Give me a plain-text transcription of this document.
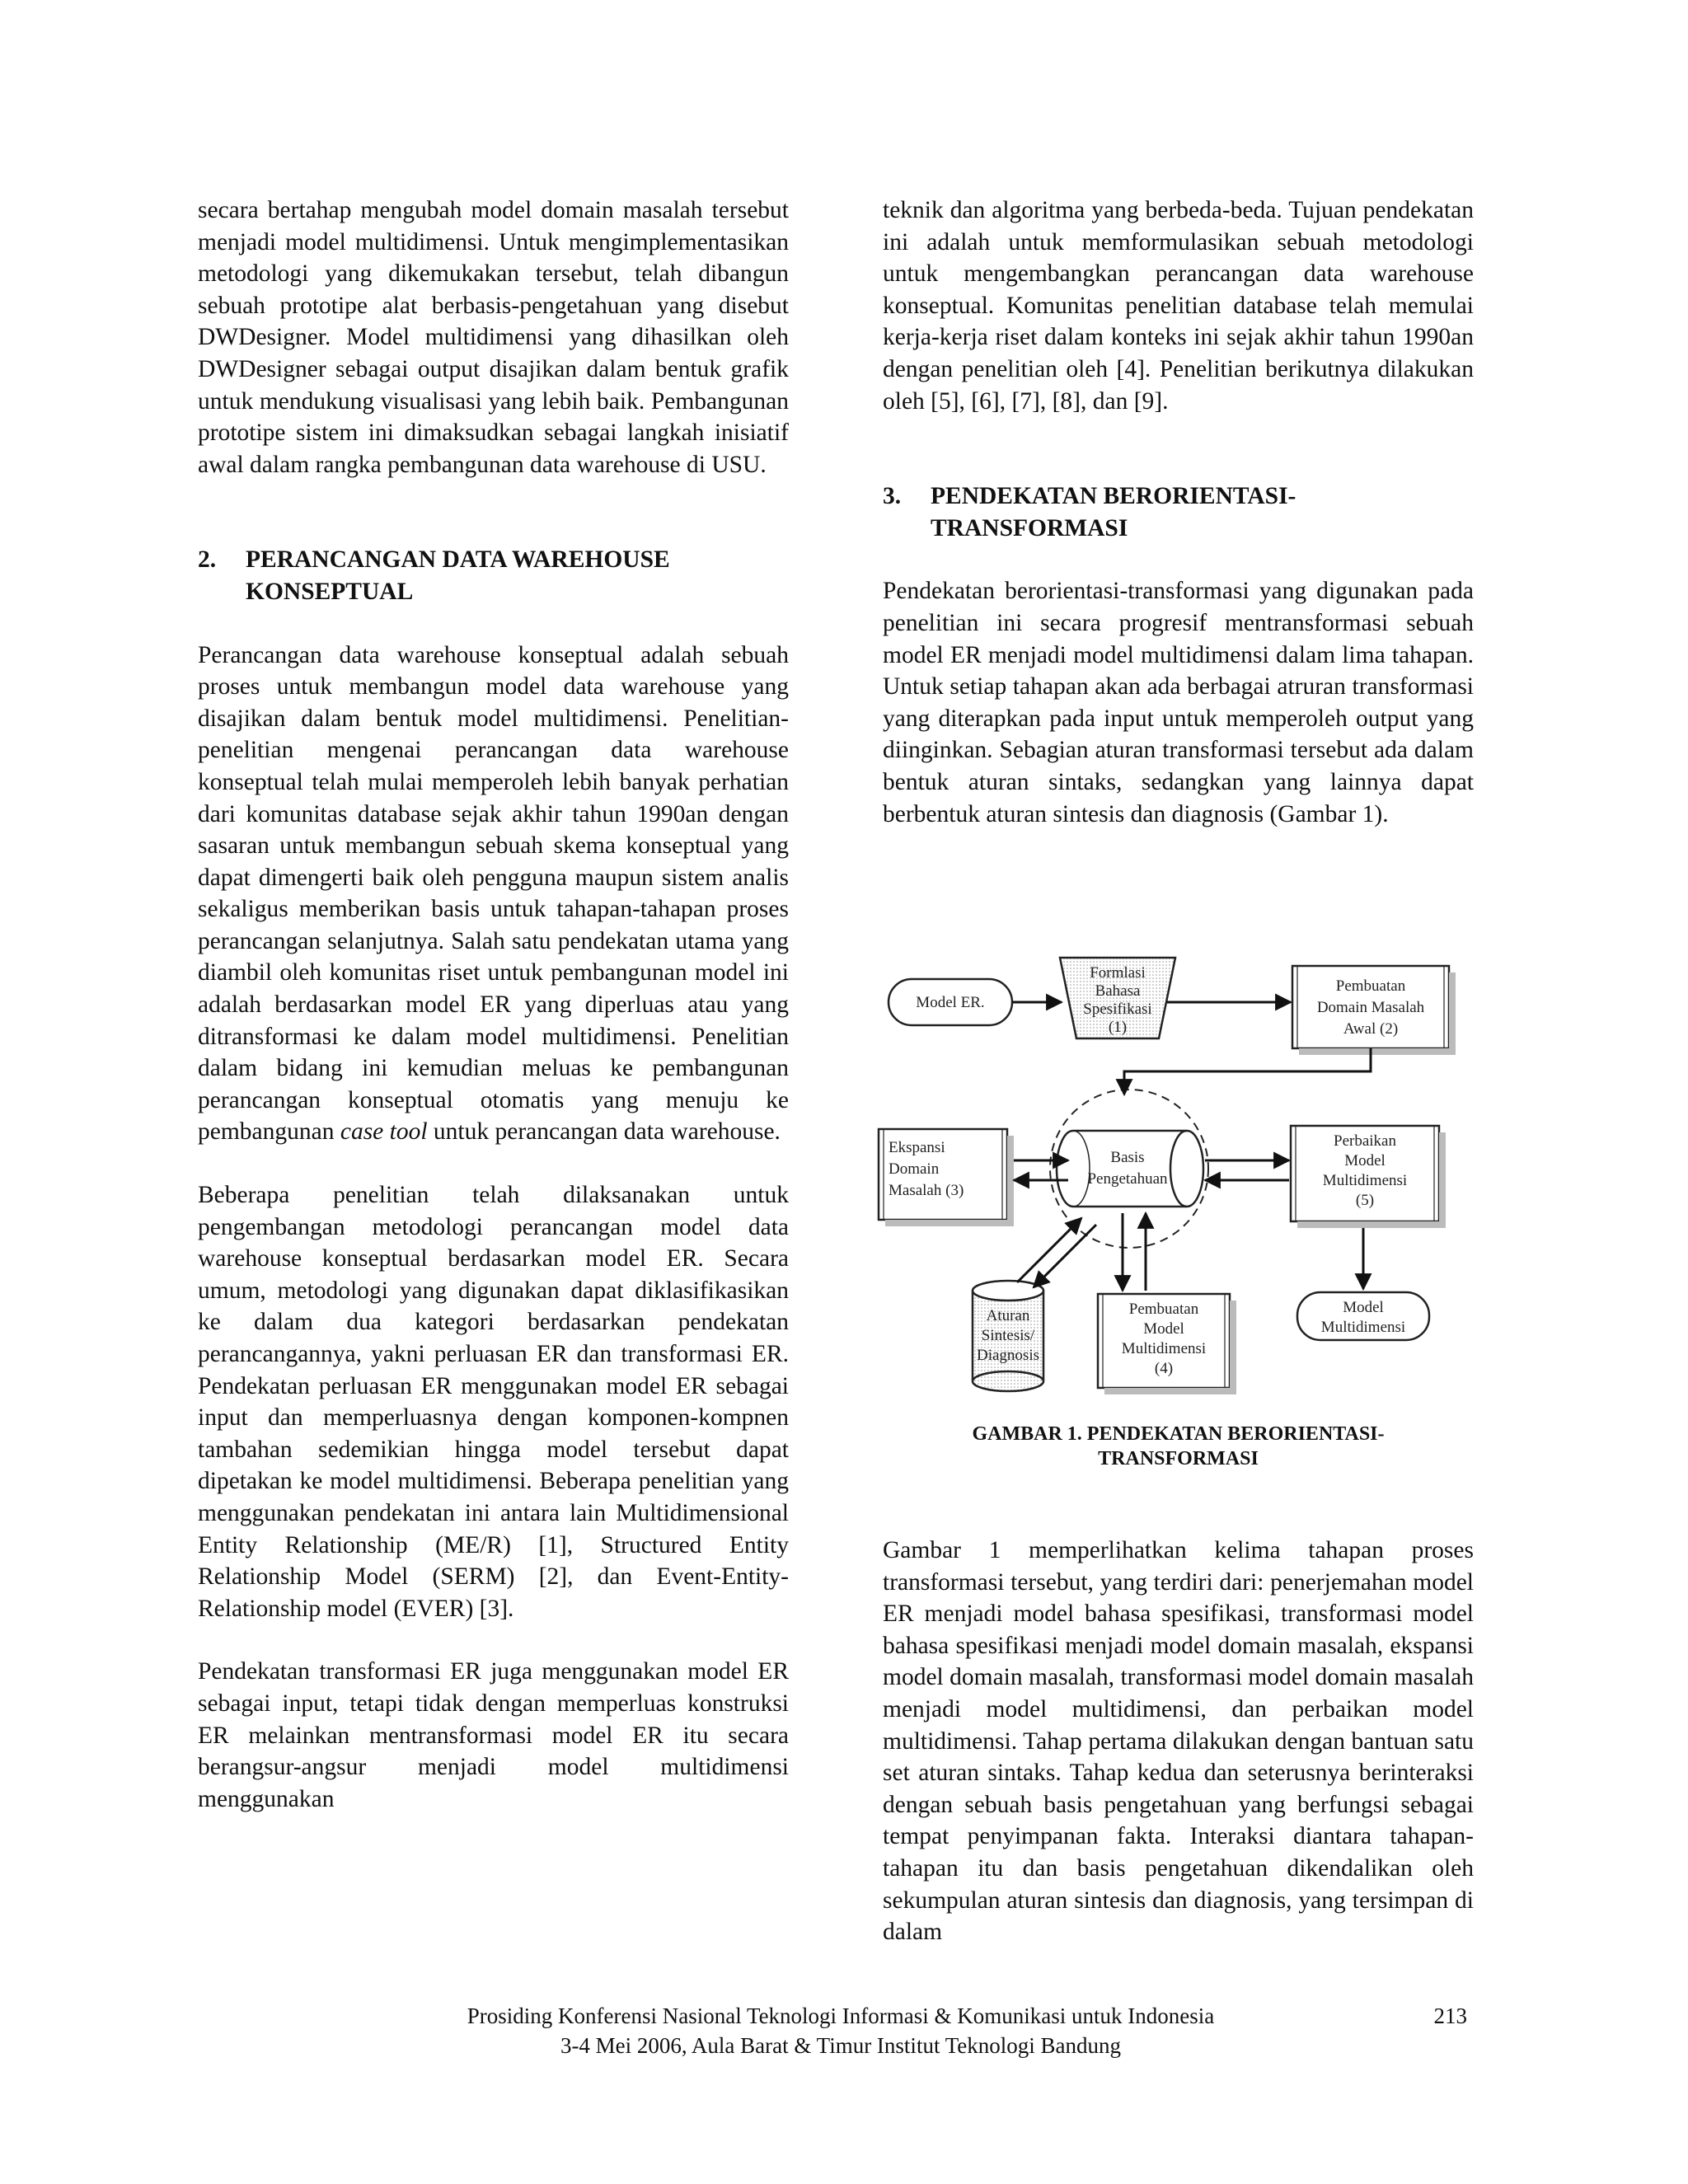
secara bertahap mengubah model domain masalah tersebut menjadi model multidimensi. Untuk mengimplementasikan metodologi yang dikemukakan tersebut, telah dibangun sebuah prototipe alat berbasis-pengetahuan yang disebut DWDesigner. Model multidimensi yang dihasilkan oleh DWDesigner sebagai output disajikan dalam bentuk grafik untuk mendukung visualisasi yang lebih baik. Pembangunan prototipe sistem ini dimaksudkan sebagai langkah inisiatif awal dalam rangka pembangunan data warehouse di USU.

2.	PERANCANGAN DATA WAREHOUSE KONSEPTUAL

Perancangan data warehouse konseptual adalah sebuah proses untuk membangun model data warehouse yang disajikan dalam bentuk model multidimensi. Penelitian-penelitian mengenai perancangan data warehouse konseptual telah mulai memperoleh lebih banyak perhatian dari komunitas database sejak akhir tahun 1990an dengan sasaran untuk membangun sebuah skema konseptual yang dapat dimengerti baik oleh pengguna maupun sistem analis sekaligus memberikan basis untuk tahapan-tahapan proses perancangan selanjutnya. Salah satu pendekatan utama yang diambil oleh komunitas riset untuk pembangunan model ini adalah berdasarkan model ER yang diperluas atau yang ditransformasi ke dalam model multidimensi. Penelitian dalam bidang ini kemudian meluas ke pembangunan perancangan konseptual otomatis yang menuju ke pembangunan case tool untuk perancangan data warehouse.

Beberapa penelitian telah dilaksanakan untuk pengembangan metodologi perancangan model data warehouse konseptual berdasarkan model ER. Secara umum, metodologi yang digunakan dapat diklasifikasikan ke dalam dua kategori berdasarkan pendekatan perancangannya, yakni perluasan ER dan transformasi ER. Pendekatan perluasan ER menggunakan model ER sebagai input dan memperluasnya dengan komponen-kompnen tambahan sedemikian hingga model tersebut dapat dipetakan ke model multidimensi. Beberapa penelitian yang menggunakan pendekatan ini antara lain Multidimensional Entity Relationship (ME/R) [1], Structured Entity Relationship Model (SERM) [2], dan Event-Entity-Relationship model (EVER) [3].

Pendekatan transformasi ER juga menggunakan model ER sebagai input, tetapi tidak dengan memperluas konstruksi ER melainkan mentransformasi model ER itu secara berangsur-angsur menjadi model multidimensi menggunakan

teknik dan algoritma yang berbeda-beda. Tujuan pendekatan ini adalah untuk memformulasikan sebuah metodologi untuk mengembangkan perancangan data warehouse konseptual. Komunitas penelitian database telah memulai kerja-kerja riset dalam konteks ini sejak akhir tahun 1990an dengan penelitian oleh [4]. Penelitian berikutnya dilakukan oleh [5], [6], [7], [8], dan [9].

3.	PENDEKATAN BERORIENTASI-TRANSFORMASI

Pendekatan berorientasi-transformasi yang digunakan pada penelitian ini secara progresif mentransformasi sebuah model ER menjadi model multidimensi dalam lima tahapan. Untuk setiap tahapan akan ada berbagai atruran transformasi yang diterapkan pada input untuk memperoleh output yang diinginkan. Sebagian aturan transformasi tersebut ada dalam bentuk aturan sintaks, sedangkan yang lainnya dapat berbentuk aturan sintesis dan diagnosis (Gambar 1).

Model ER.
Formlasi
Bahasa
Spesifikasi
(1)
Pembuatan
Domain Masalah
Awal (2)
Ekspansi
Domain
Masalah (3)
Basis
Pengetahuan
Perbaikan
Model
Multidimensi
(5)
Aturan
Sintesis/
Diagnosis
Pembuatan
Model
Multidimensi
(4)
Model
Multidimensi
GAMBAR 1. PENDEKATAN BERORIENTASI-
TRANSFORMASI

Gambar 1 memperlihatkan kelima tahapan proses transformasi tersebut, yang terdiri dari: penerjemahan model ER menjadi model bahasa spesifikasi, transformasi model bahasa spesifikasi menjadi model domain masalah, ekspansi model domain masalah, transformasi model domain masalah menjadi model multidimensi, dan perbaikan model multidimensi. Tahap pertama dilakukan dengan bantuan satu set aturan sintaks. Tahap kedua dan seterusnya berinteraksi dengan sebuah basis pengetahuan yang berfungsi sebagai tempat penyimpanan fakta. Interaksi diantara tahapan-tahapan itu dan basis pengetahuan dikendalikan oleh sekumpulan aturan sintesis dan diagnosis, yang tersimpan di dalam

Prosiding Konferensi Nasional Teknologi Informasi & Komunikasi untuk Indonesia
3-4 Mei 2006, Aula Barat & Timur Institut Teknologi Bandung
213
